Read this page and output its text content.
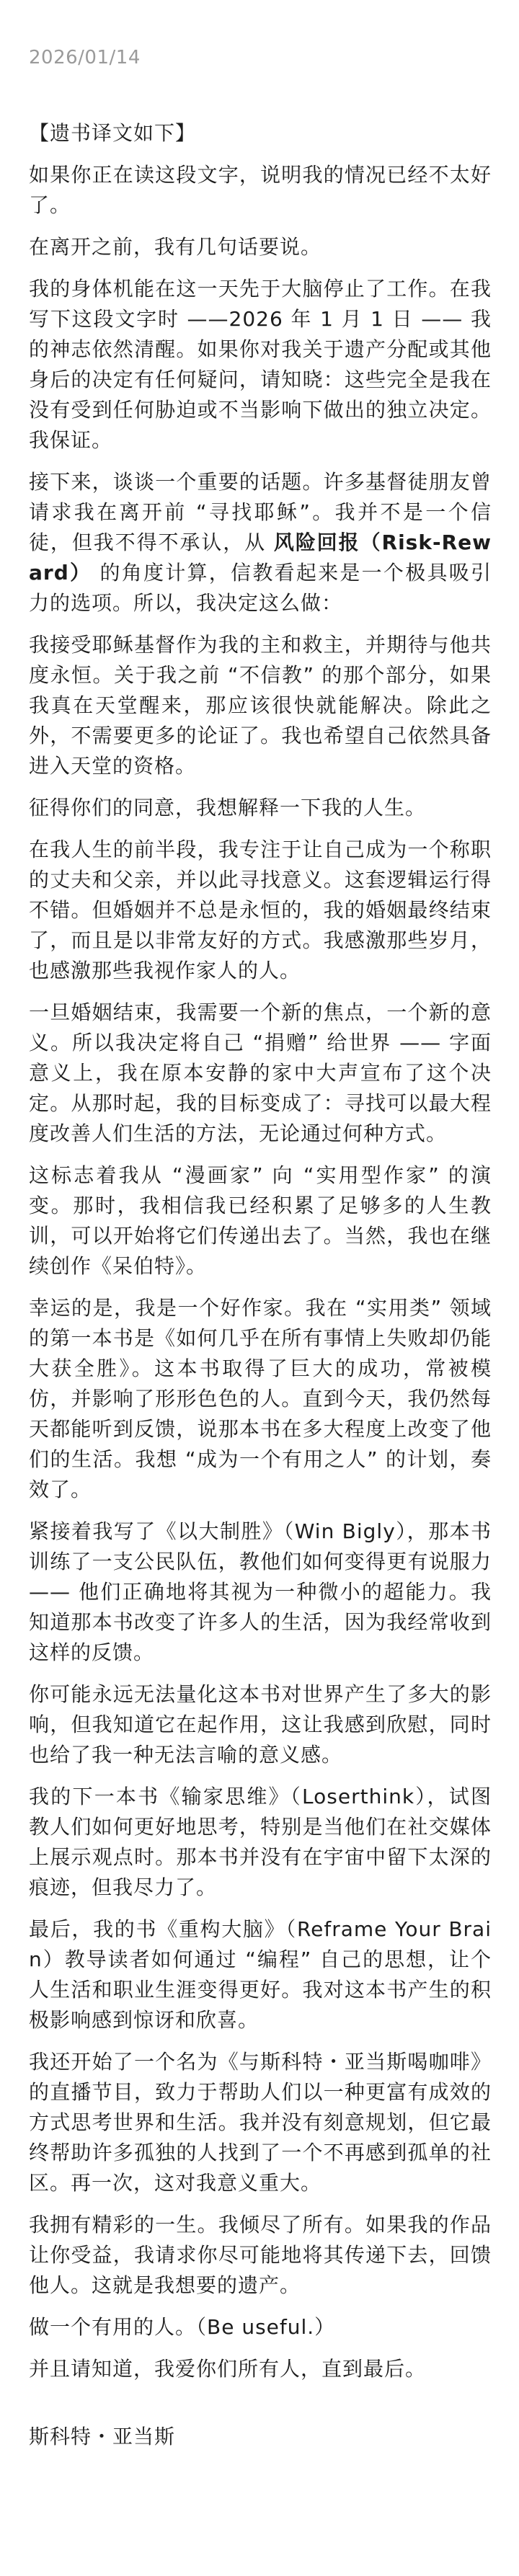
2026/01/14
【遗书译文如下】
如果你正在读这段文字，说明我的情况已经不太好了。
在离开之前，我有几句话要说。
我的身体机能在这一天先于大脑停止了工作。在我写下这段文字时 ——2026 年 1 月 1 日 —— 我的神志依然清醒。如果你对我关于遗产分配或其他身后的决定有任何疑问，请知晓：这些完全是我在没有受到任何胁迫或不当影响下做出的独立决定。我保证。
接下来，谈谈一个重要的话题。许多基督徒朋友曾请求我在离开前 “寻找耶稣”。我并不是一个信徒，但我不得不承认，从 风险回报（Risk-Reward） 的角度计算，信教看起来是一个极具吸引力的选项。所以，我决定这么做：
我接受耶稣基督作为我的主和救主，并期待与他共度永恒。关于我之前 “不信教” 的那个部分，如果我真在天堂醒来，那应该很快就能解决。除此之外，不需要更多的论证了。我也希望自己依然具备进入天堂的资格。
征得你们的同意，我想解释一下我的人生。
在我人生的前半段，我专注于让自己成为一个称职的丈夫和父亲，并以此寻找意义。这套逻辑运行得不错。但婚姻并不总是永恒的，我的婚姻最终结束了，而且是以非常友好的方式。我感激那些岁月，也感激那些我视作家人的人。
一旦婚姻结束，我需要一个新的焦点，一个新的意义。所以我决定将自己 “捐赠” 给世界 —— 字面意义上，我在原本安静的家中大声宣布了这个决定。从那时起，我的目标变成了：寻找可以最大程度改善人们生活的方法，无论通过何种方式。
这标志着我从 “漫画家” 向 “实用型作家” 的演变。那时，我相信我已经积累了足够多的人生教训，可以开始将它们传递出去了。当然，我也在继续创作《呆伯特》。
幸运的是，我是一个好作家。我在 “实用类” 领域的第一本书是《如何几乎在所有事情上失败却仍能大获全胜》。这本书取得了巨大的成功，常被模仿，并影响了形形色色的人。直到今天，我仍然每天都能听到反馈，说那本书在多大程度上改变了他们的生活。我想 “成为一个有用之人” 的计划，奏效了。
紧接着我写了《以大制胜》（Win Bigly），那本书训练了一支公民队伍，教他们如何变得更有说服力 —— 他们正确地将其视为一种微小的超能力。我知道那本书改变了许多人的生活，因为我经常收到这样的反馈。
你可能永远无法量化这本书对世界产生了多大的影响，但我知道它在起作用，这让我感到欣慰，同时也给了我一种无法言喻的意义感。
我的下一本书《输家思维》（Loserthink），试图教人们如何更好地思考，特别是当他们在社交媒体上展示观点时。那本书并没有在宇宙中留下太深的痕迹，但我尽力了。
最后，我的书《重构大脑》（Reframe Your Brain）教导读者如何通过 “编程” 自己的思想，让个人生活和职业生涯变得更好。我对这本书产生的积极影响感到惊讶和欣喜。
我还开始了一个名为《与斯科特・亚当斯喝咖啡》的直播节目，致力于帮助人们以一种更富有成效的方式思考世界和生活。我并没有刻意规划，但它最终帮助许多孤独的人找到了一个不再感到孤单的社区。再一次，这对我意义重大。
我拥有精彩的一生。我倾尽了所有。如果我的作品让你受益，我请求你尽可能地将其传递下去，回馈他人。这就是我想要的遗产。
做一个有用的人。（Be useful.）
并且请知道，我爱你们所有人，直到最后。
斯科特・亚当斯
